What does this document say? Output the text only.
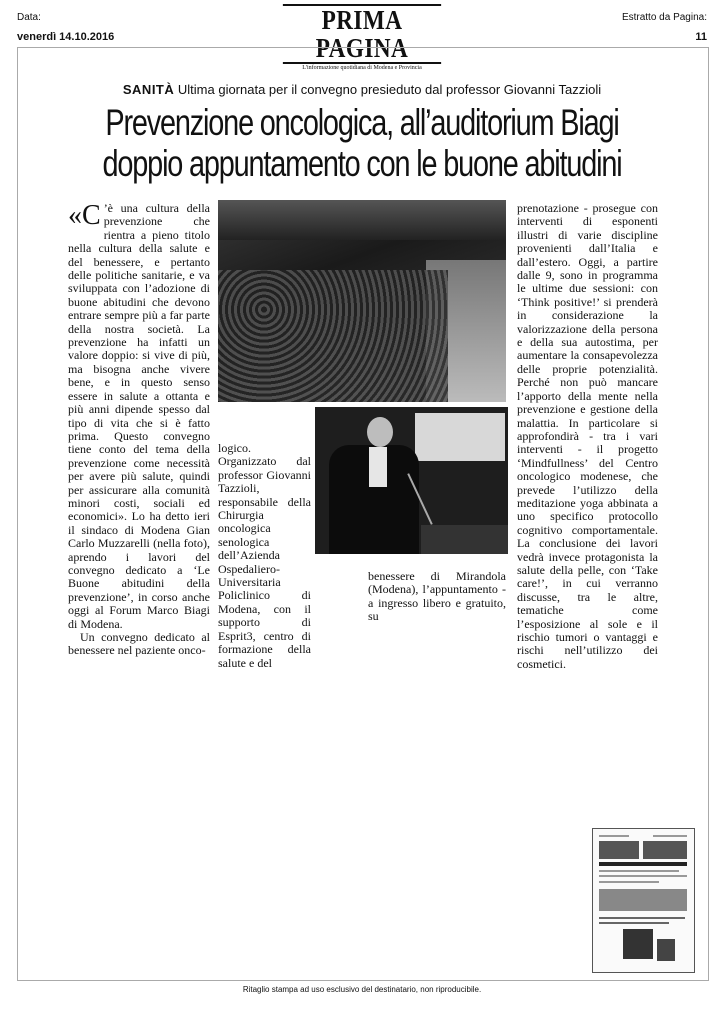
Data:
venerdì 14.10.2016
PRIMA PAGINA
L'informazione quotidiana di Modena e Provincia
Estratto da Pagina:
11
SANITÀ Ultima giornata per il convegno presieduto dal professor Giovanni Tazzioli
Prevenzione oncologica, all’auditorium Biagi
doppio appuntamento con le buone abitudini

«C ’è una cultura della prevenzione che rientra a pieno titolo nella cultura della salute e del benessere, e pertanto delle politiche sanitarie, e va sviluppata con l’adozione di buone abitudini che devono entrare sempre più a far parte della nostra società. La prevenzione ha infatti un valore doppio: si vive di più, ma bisogna anche vivere bene, e in questo senso essere in salute a ottanta e più anni dipende spesso dal tipo di vita che si è fatto prima. Questo convegno tiene conto del tema della prevenzione come necessità per avere più salute, quindi per assicurare alla comunità minori costi, sociali ed economici». Lo ha detto ieri il sindaco di Modena Gian Carlo Muzzarelli (nella foto), aprendo i lavori del convegno dedicato a ‘Le Buone abitudini della prevenzione’, in corso anche oggi al Forum Marco Biagi di Modena.

Un convegno dedicato al benessere nel paziente onco-

logico. Organizzato dal professor Giovanni Tazzioli, responsabile della Chirurgia oncologica senologica dell’Azienda Ospedaliero-Universitaria Policlinico di Modena, con il supporto di Esprit3, centro di formazione della salute e del

benessere di Mirandola (Modena), l’appuntamento - a ingresso libero e gratuito, su

prenotazione - prosegue con interventi di esponenti illustri di varie discipline provenienti dall’Italia e dall’estero. Oggi, a partire dalle 9, sono in programma le ultime due sessioni: con ‘Think positive!’ si prenderà in considerazione la valorizzazione della persona e della sua autostima, per aumentare la consapevolezza delle proprie potenzialità. Perché non può mancare l’apporto della mente nella prevenzione e gestione della malattia. In particolare si approfondirà - tra i vari interventi - il progetto ‘Mindfullness’ del Centro oncologico modenese, che prevede l’utilizzo della meditazione yoga abbinata a uno specifico protocollo cognitivo comportamentale. La conclusione dei lavori vedrà invece protagonista la salute della pelle, con ‘Take care!’, in cui verranno discusse, tra le altre, tematiche come l’esposizione al sole e il rischio tumori o vantaggi e rischi nell’utilizzo dei cosmetici.

Ritaglio stampa ad uso esclusivo del destinatario, non riproducibile.
